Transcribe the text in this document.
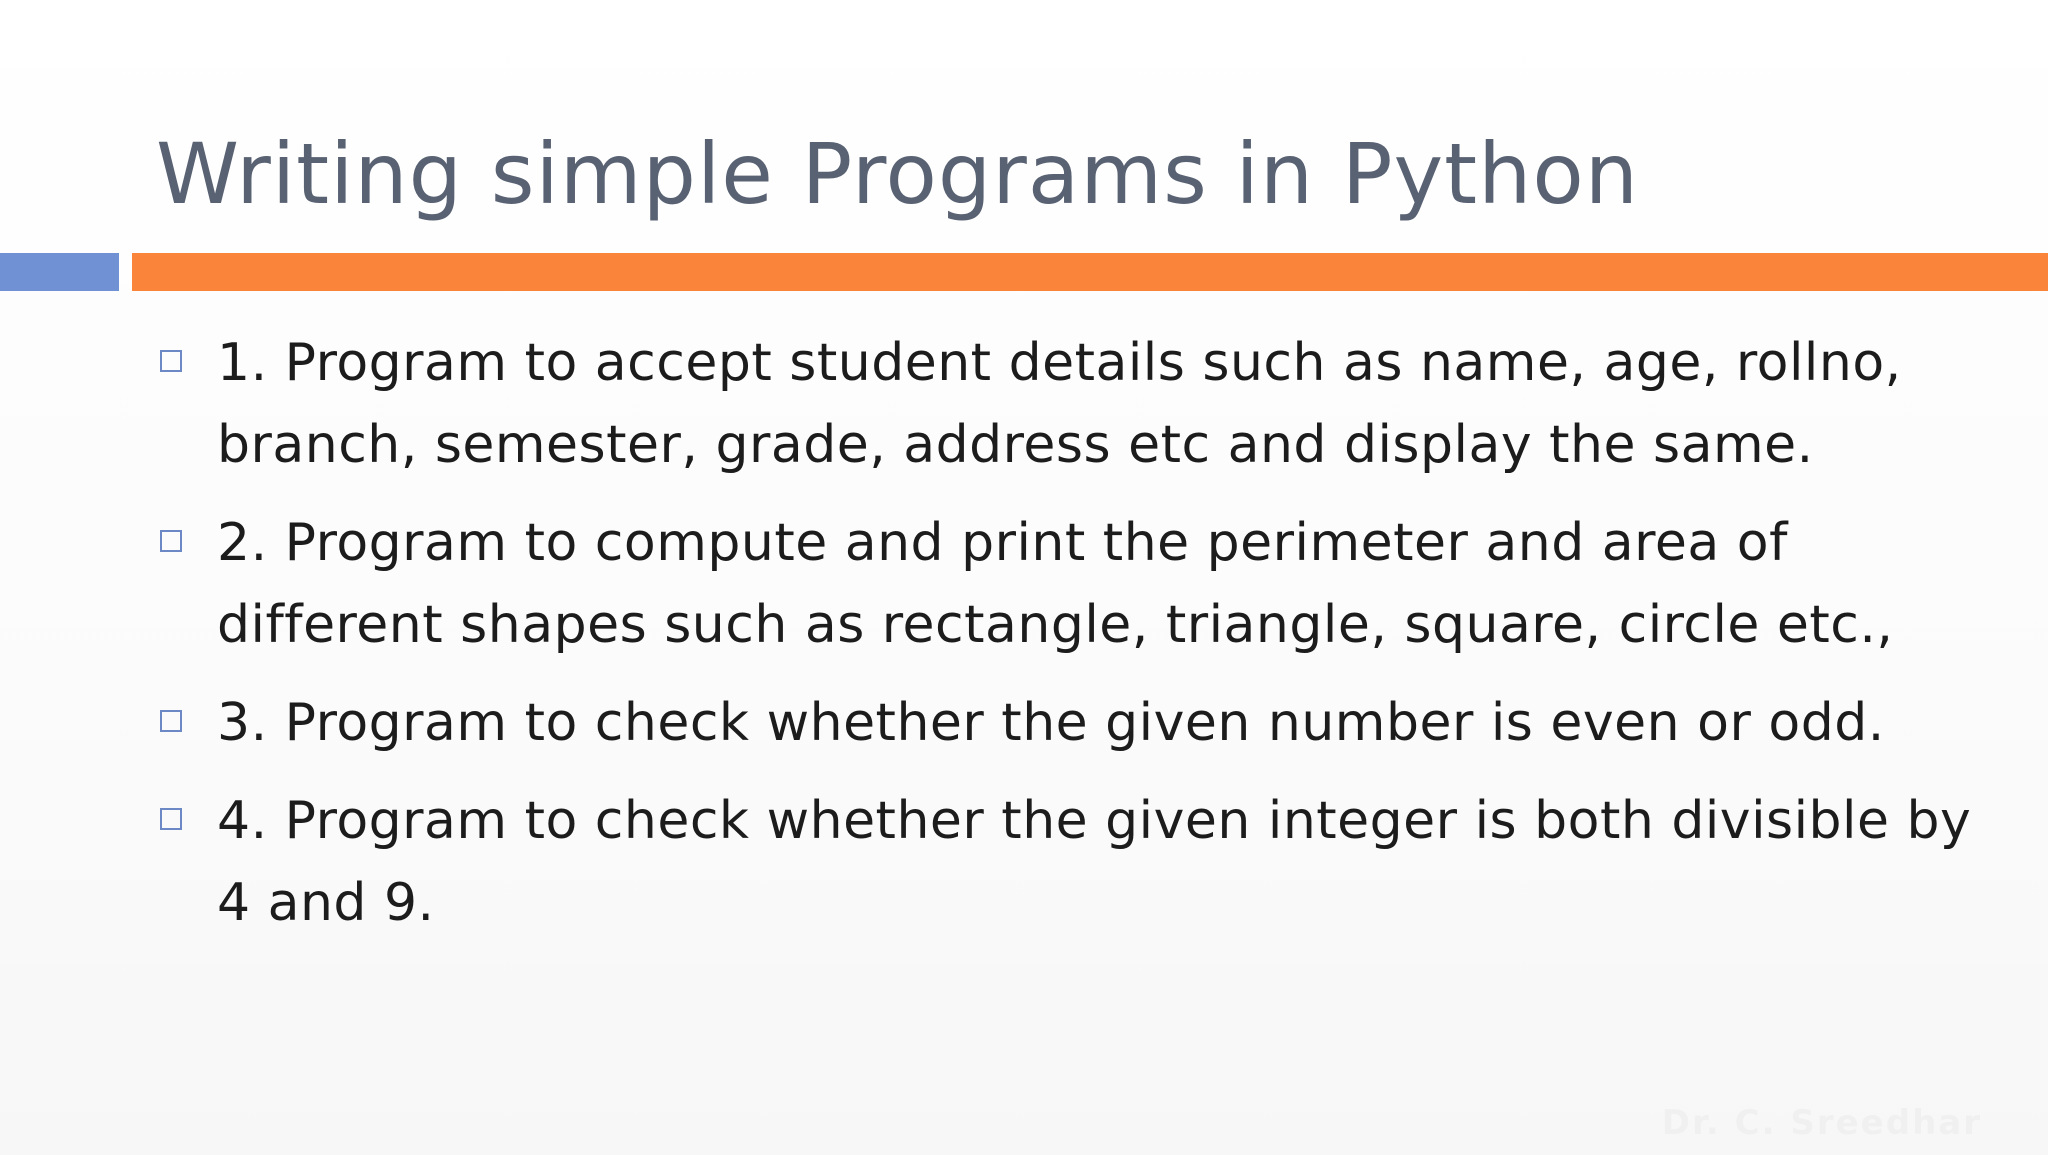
Writing simple Programs in Python
1. Program to accept student details such as name, age, rollno, branch, semester, grade, address etc and display the same.
2. Program to compute and print the perimeter and area of different shapes such as rectangle, triangle, square, circle etc.,
3. Program to check whether the given number is even or odd.
4. Program to check whether the given integer is both divisible by 4 and 9.
Dr. C. Sreedhar
